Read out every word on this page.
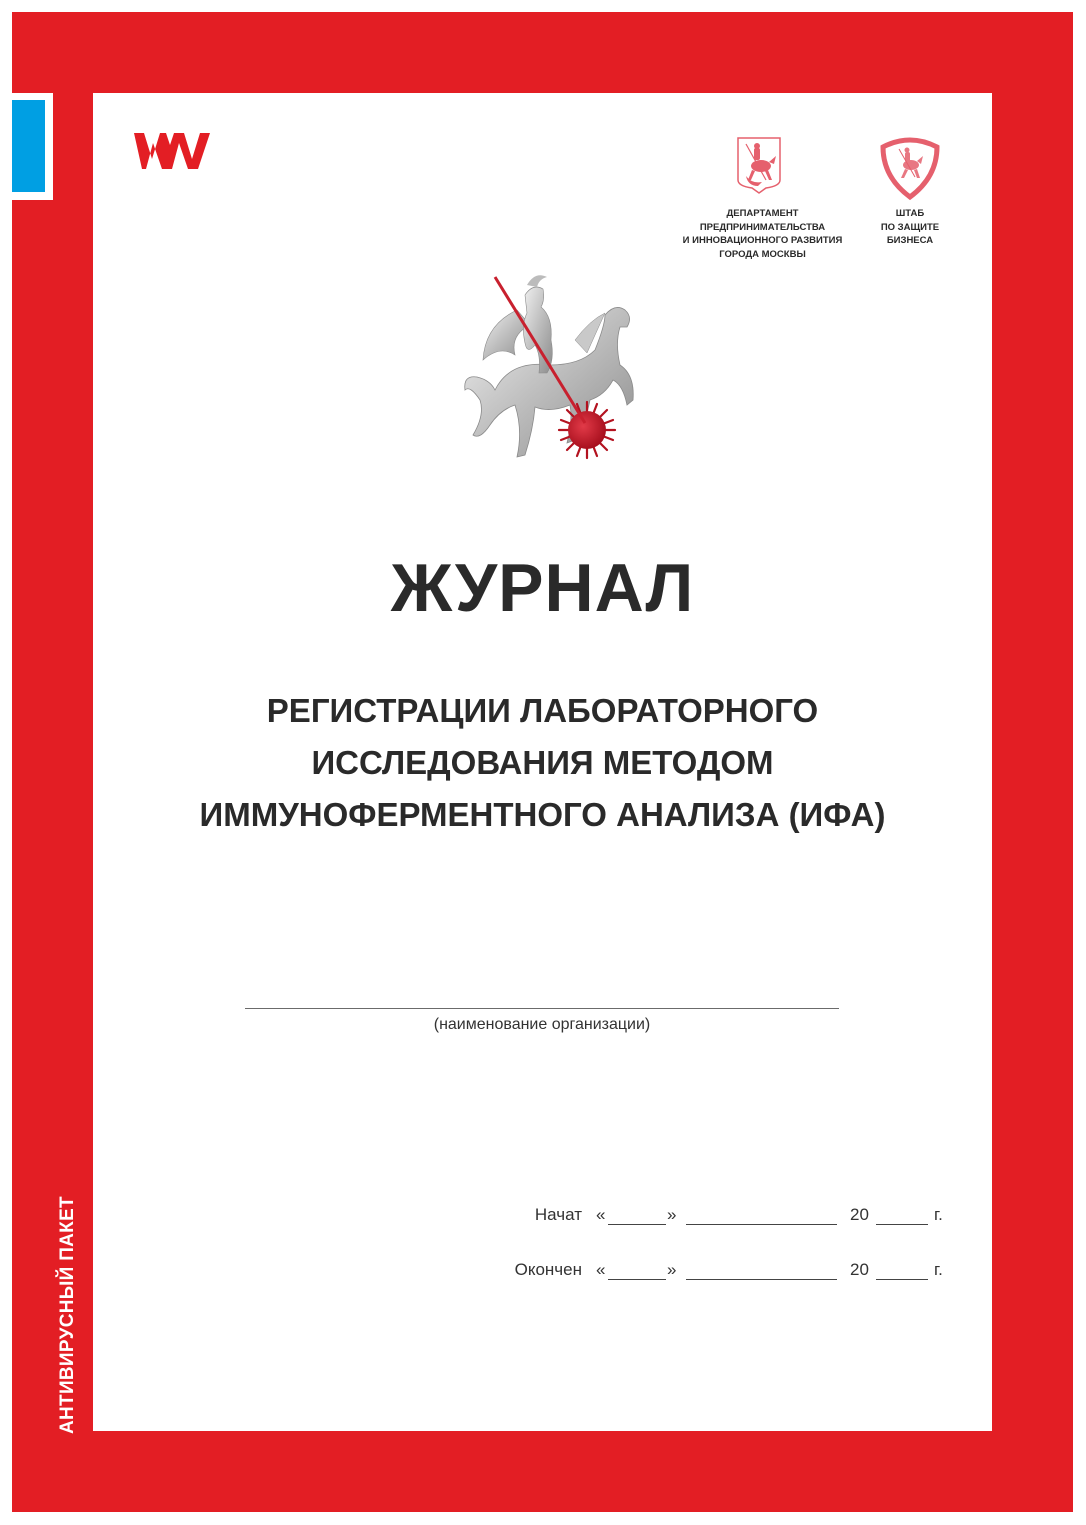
АНТИВИРУСНЫЙ ПАКЕТ
ДЕПАРТАМЕНТ
ПРЕДПРИНИМАТЕЛЬСТВА
И ИННОВАЦИОННОГО РАЗВИТИЯ
ГОРОДА МОСКВЫ
ШТАБ
ПО ЗАЩИТЕ
БИЗНЕСА
ЖУРНАЛ
РЕГИСТРАЦИИ ЛАБОРАТОРНОГО
ИССЛЕДОВАНИЯ МЕТОДОМ
ИММУНОФЕРМЕНТНОГО АНАЛИЗА (ИФА)
(наименование организации)
Начат «	»	20	г.
Окончен «	»	20	г.
